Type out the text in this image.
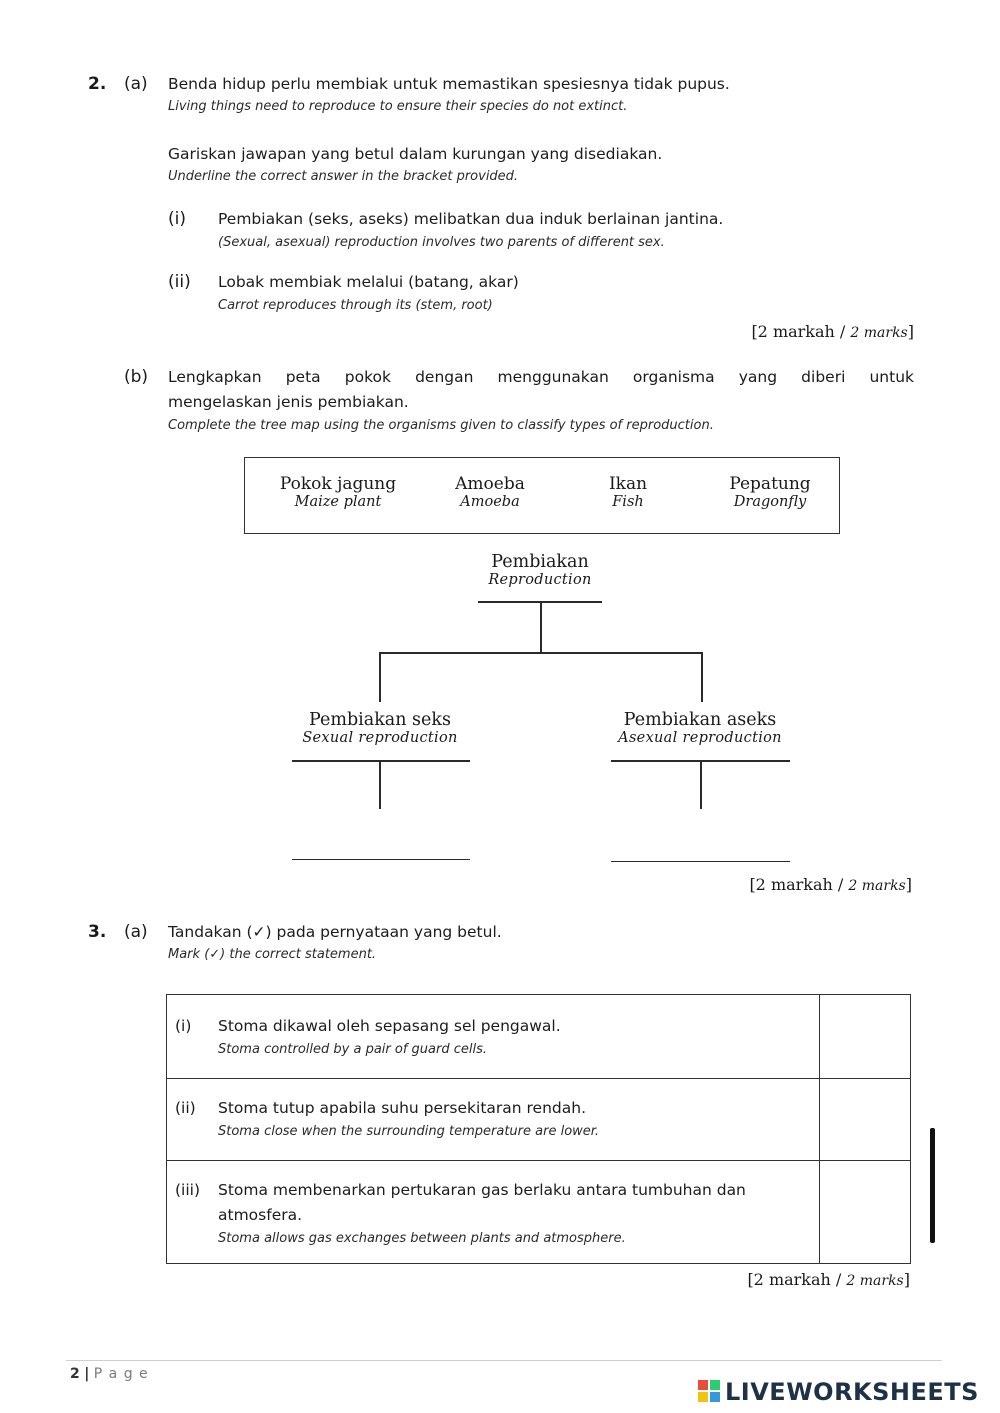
2. (a) Benda hidup perlu membiak untuk memastikan spesiesnya tidak pupus.
Living things need to reproduce to ensure their species do not extinct.
Gariskan jawapan yang betul dalam kurungan yang disediakan.
Underline the correct answer in the bracket provided.
(i) Pembiakan (seks, aseks) melibatkan dua induk berlainan jantina.
(Sexual, asexual) reproduction involves two parents of different sex.
(ii) Lobak membiak melalui (batang, akar)
Carrot reproduces through its (stem, root)
[2 markah / 2 marks]
(b) Lengkapkan peta pokok dengan menggunakan organisma yang diberi untuk
mengelaskan jenis pembiakan.
Complete the tree map using the organisms given to classify types of reproduction.
Pokok jagung
Maize plant
Amoeba
Amoeba
Ikan
Fish
Pepatung
Dragonfly
Pembiakan
Reproduction
Pembiakan seks
Sexual reproduction
Pembiakan aseks
Asexual reproduction
[2 markah / 2 marks]
3. (a) Tandakan (✓) pada pernyataan yang betul.
Mark (✓) the correct statement.
(i) Stoma dikawal oleh sepasang sel pengawal.
Stoma controlled by a pair of guard cells.	

(ii) Stoma tutup apabila suhu persekitaran rendah.
Stoma close when the surrounding temperature are lower.	

(iii) Stoma membenarkan pertukaran gas berlaku antara tumbuhan dan
atmosfera.
Stoma allows gas exchanges between plants and atmosphere.	

[2 markah / 2 marks]
2 | P a g e
LIVEWORKSHEETS
